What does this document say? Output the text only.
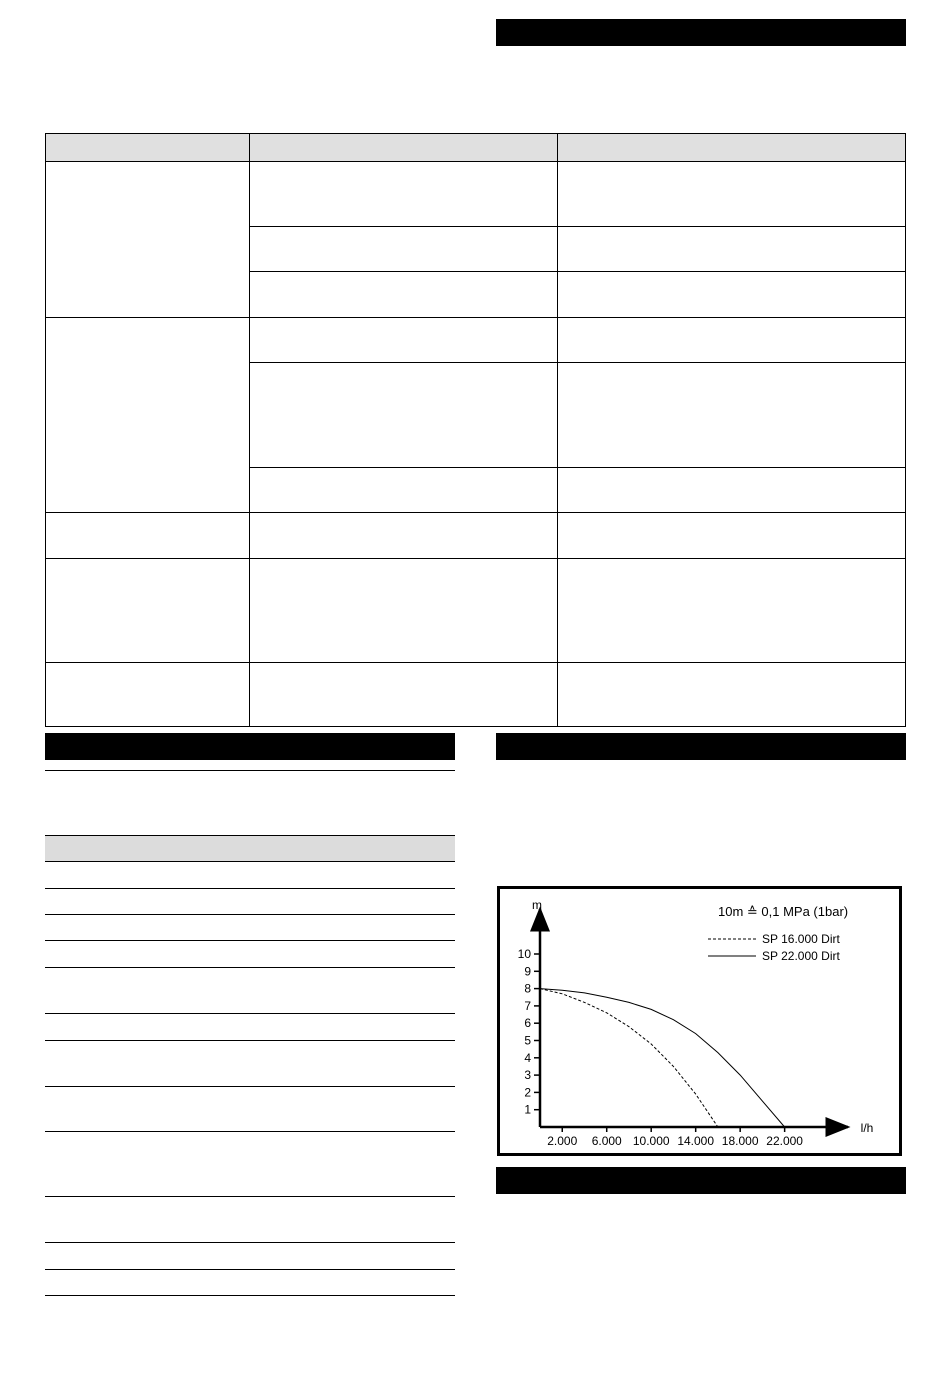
m
l/h
10m ≙ 0,1 MPa (1bar)
SP 16.000 Dirt
SP 22.000 Dirt
1
2
3
4
5
6
7
8
9
10
2.000 6.000 10.000 14.000 18.000 22.000
